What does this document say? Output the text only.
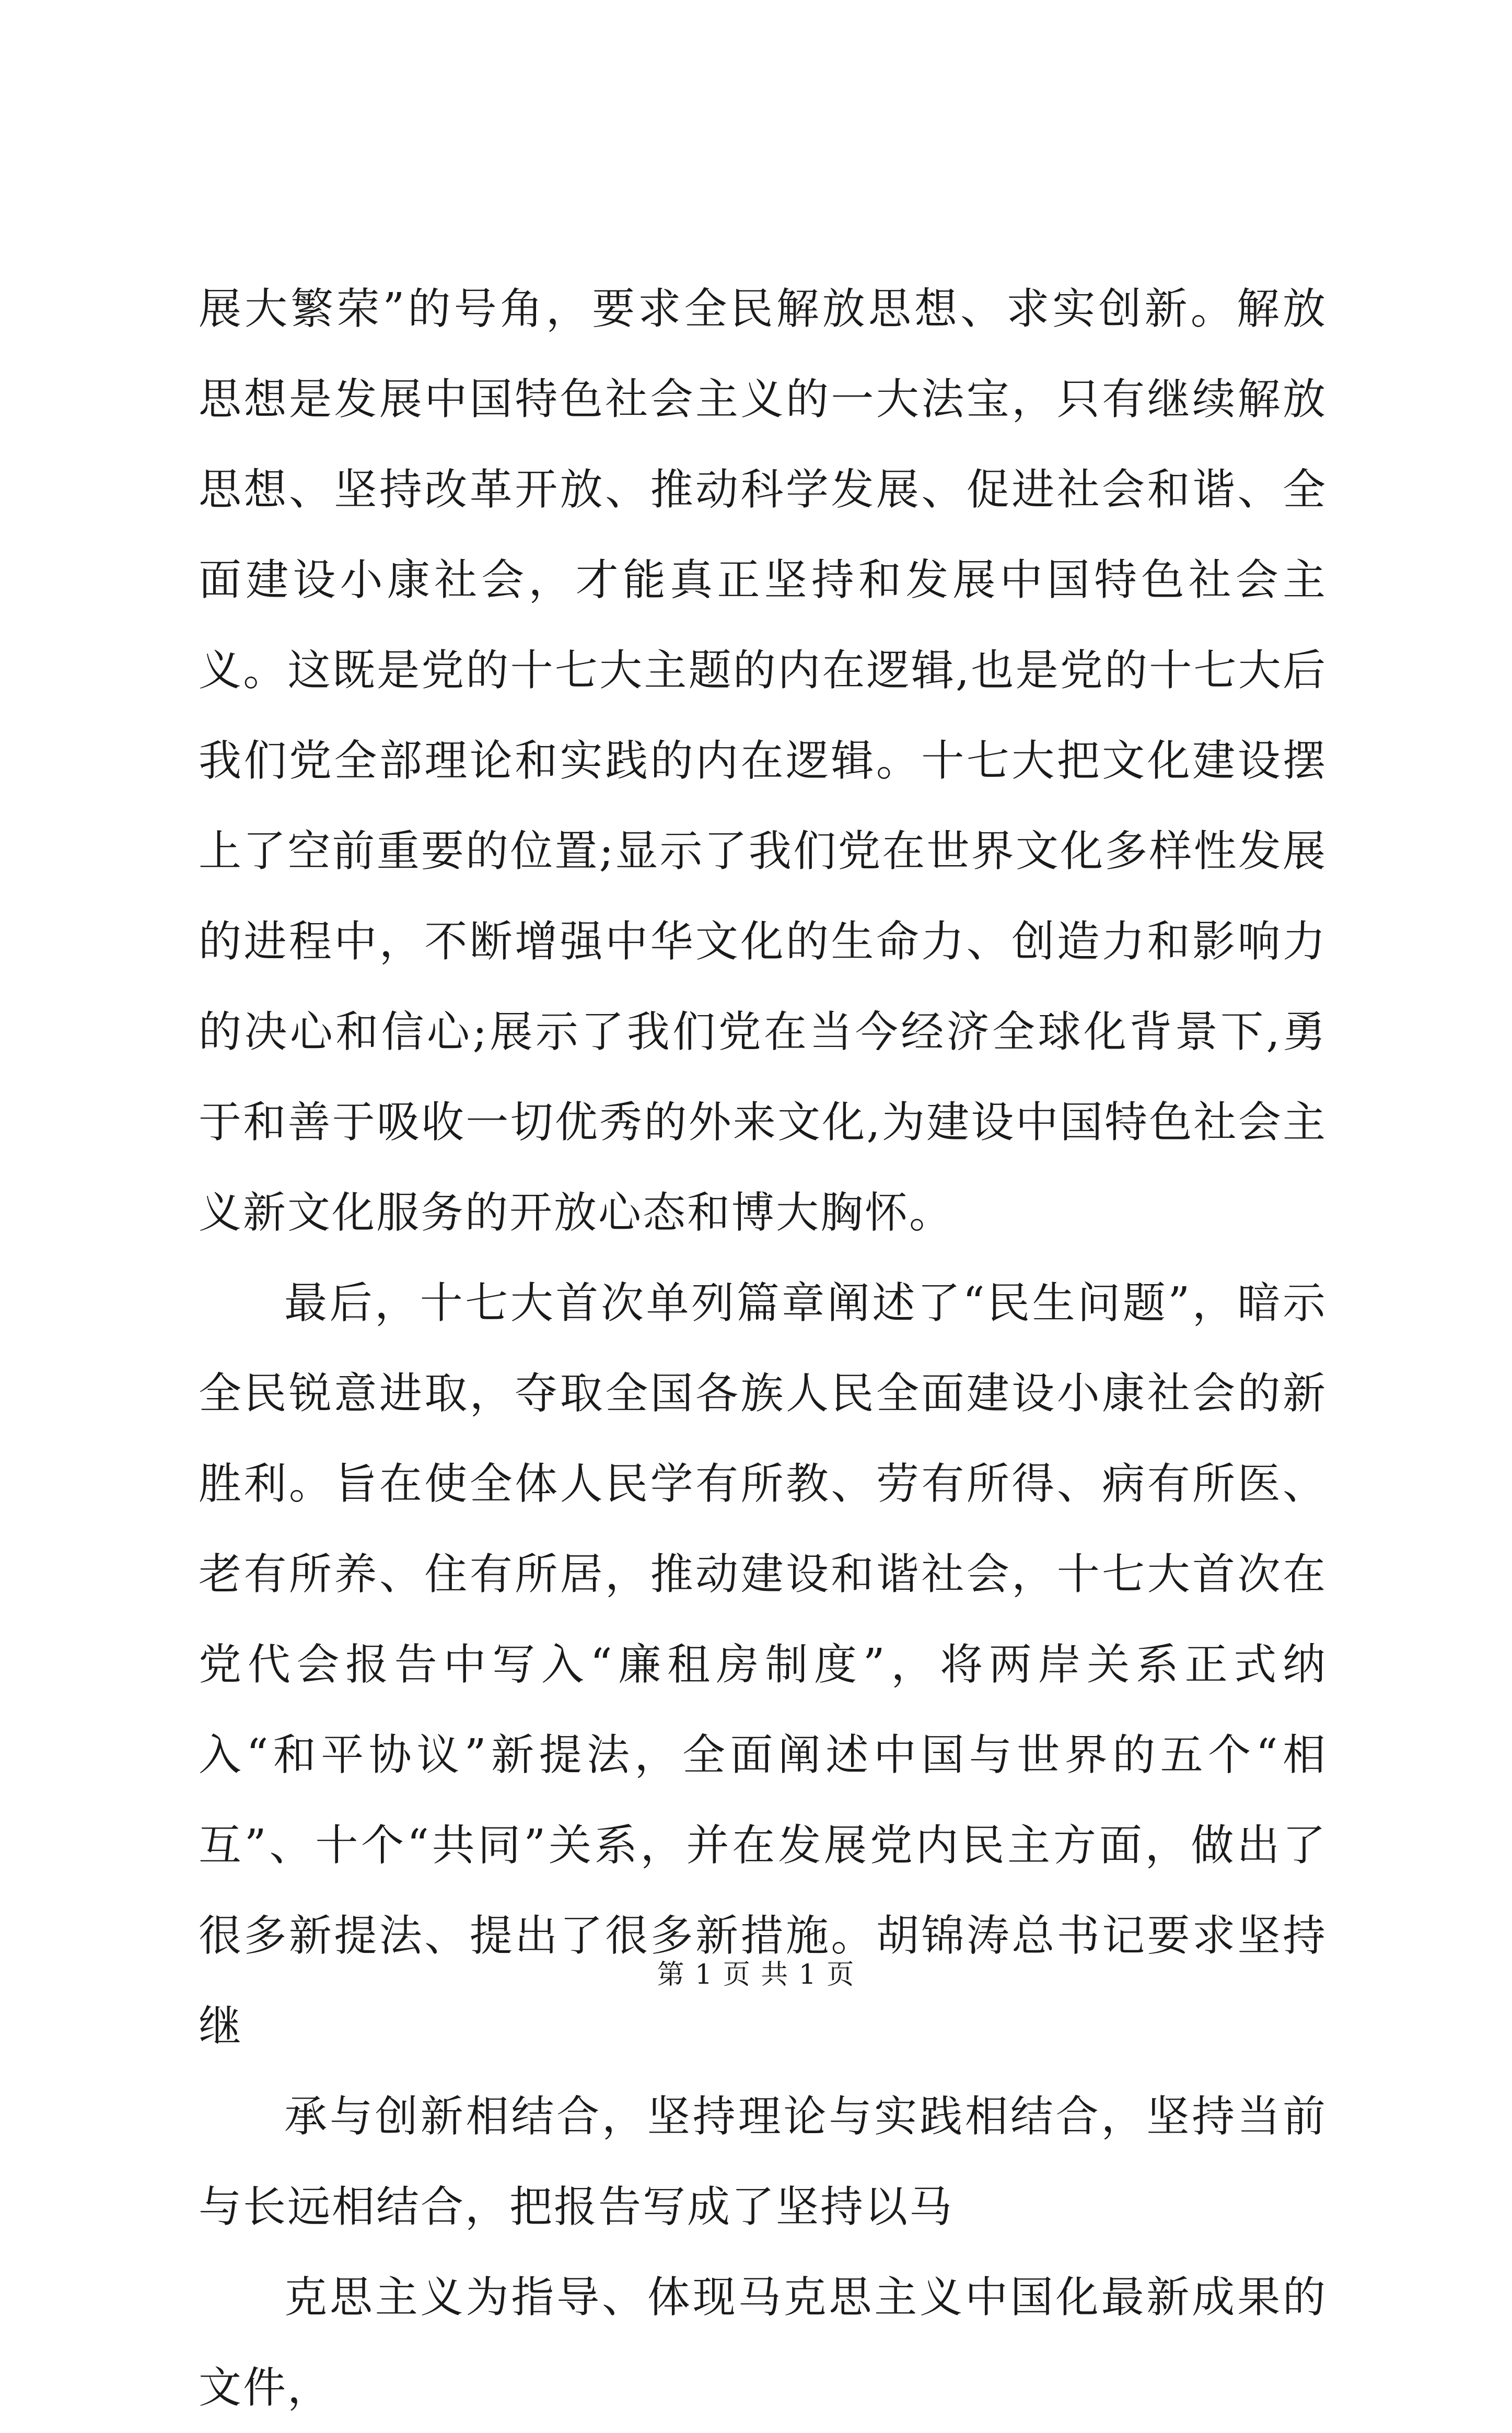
展大繁荣”的号角，要求全民解放思想、求实创新。解放思想是发展中国特色社会主义的一大法宝，只有继续解放思想、坚持改革开放、推动科学发展、促进社会和谐、全面建设小康社会，才能真正坚持和发展中国特色社会主义。这既是党的十七大主题的内在逻辑,也是党的十七大后我们党全部理论和实践的内在逻辑。十七大把文化建设摆上了空前重要的位置;显示了我们党在世界文化多样性发展的进程中，不断增强中华文化的生命力、创造力和影响力的决心和信心;展示了我们党在当今经济全球化背景下,勇于和善于吸收一切优秀的外来文化,为建设中国特色社会主义新文化服务的开放心态和博大胸怀。

最后，十七大首次单列篇章阐述了“民生问题”，暗示全民锐意进取，夺取全国各族人民全面建设小康社会的新胜利。旨在使全体人民学有所教、劳有所得、病有所医、老有所养、住有所居，推动建设和谐社会，十七大首次在党代会报告中写入“廉租房制度”，将两岸关系正式纳入“和平协议”新提法，全面阐述中国与世界的五个“相互”、十个“共同”关系，并在发展党内民主方面，做出了很多新提法、提出了很多新措施。胡锦涛总书记要求坚持继

承与创新相结合，坚持理论与实践相结合，坚持当前与长远相结合，把报告写成了坚持以马

克思主义为指导、体现马克思主义中国化最新成果的文件，

第 1 页 共 1 页
